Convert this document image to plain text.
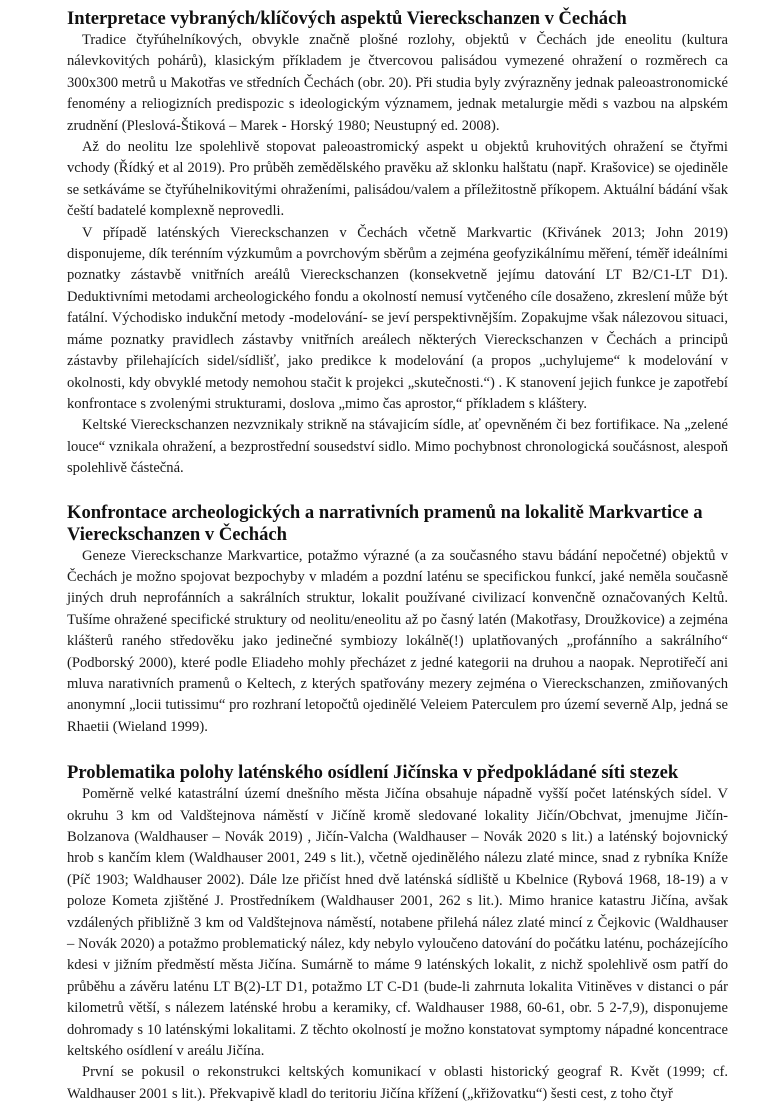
Interpretace vybraných/klíčových aspektů Viereckschanzen v Čechách

Tradice čtyřúhelníkových, obvykle značně plošné rozlohy, objektů v Čechách jde eneolitu (kultura nálevkovitých pohárů), klasickým příkladem je čtvercovou palisádou vymezené ohražení o rozměrech ca 300x300 metrů u Makotřas ve středních Čechách (obr. 20). Při studia byly zvýrazněny jednak paleoastronomické fenomény a reliogizních predispozic s ideologickým významem, jednak metalurgie mědi s vazbou na alpském zrudnění (Pleslová-Štiková – Marek - Horský 1980; Neustupný ed. 2008).

Až do neolitu lze spolehlivě stopovat paleoastromický aspekt u objektů kruhovitých ohražení se čtyřmi vchody (Řídký et al 2019). Pro průběh zemědělského pravěku až sklonku halštatu (např. Krašovice) se ojediněle se setkáváme se čtyřúhelnikovitými ohraženími, palisádou/valem a příležitostně příkopem. Aktuální bádání však čeští badatelé komplexně neprovedli.

V případě laténských Viereckschanzen v Čechách včetně Markvartic (Křivánek 2013; John 2019) disponujeme, dík terénním výzkumům a povrchovým sběrům a zejména geofyzikálnímu měření, téměř ideálními poznatky zástavbě vnitřních areálů Viereckschanzen (konsekvetně jejímu datování LT B2/C1-LT D1). Deduktivními metodami archeologického fondu a okolností nemusí vytčeného cíle dosaženo, zkreslení může být fatální. Východisko indukční metody -modelování- se jeví perspektivnějším. Zopakujme však nálezovou situaci, máme poznatky pravidlech zástavby vnitřních areálech některých Viereckschanzen v Čechách a principů zástavby přilehajících sidel/sídlišť, jako predikce k modelování (a propos „uchylujeme“ k modelování v okolnosti, kdy obvyklé metody nemohou stačit k projekci „skutečnosti.“) . K stanovení jejich funkce je zapotřebí konfrontace s zvolenými strukturami, doslova „mimo čas aprostor,“ příkladem s kláštery.

Keltské Viereckschanzen nezvznikaly strikně na stávajicím sídle, ať opevněném či bez fortifikace. Na „zelené louce“ vznikala ohražení, a bezprostřední sousedství sidlo. Mimo pochybnost chronologická součásnost, alespoň spolehlivě částečná.

Konfrontace archeologických a narrativních pramenů na lokalitě Markvartice a Viereckschanzen v Čechách

Geneze Viereckschanze Markvartice, potažmo výrazné (a za současného stavu bádání nepočetné) objektů v Čechách je možno spojovat bezpochyby v mladém a pozdní laténu se specifickou funkcí, jaké neměla současně jiných druh neprofánních a sakrálních struktur, lokalit používané civilizací konvenčně označovaných Keltů. Tušíme ohražené specifické struktury od neolitu/eneolitu až po časný latén (Makotřasy, Droužkovice) a zejména klášterů raného středověku jako jedinečné symbiozy lokálně(!) uplatňovaných „profánního a sakrálního“ (Podborský 2000), které podle Eliadeho mohly přecházet z jedné kategorii na druhou a naopak. Neprotiřečí ani mluva narativních pramenů o Keltech, z kterých spatřovány mezery zejména o Viereckschanzen, zmiňovaných anonymní „locii tutissimu“ pro rozhraní letopočtů ojedinělé Veleiem Paterculem pro území severně Alp, jedná se Rhaetii (Wieland 1999).

Problematika polohy laténského osídlení Jičínska v předpokládané síti stezek

Poměrně velké katastrální území dnešního města Jičína obsahuje nápadně vyšší počet laténských sídel. V okruhu 3 km od Valdštejnova náměstí v Jičíně kromě sledované lokality Jičín/Obchvat, jmenujme Jičín-Bolzanova (Waldhauser – Novák 2019) , Jičín-Valcha (Waldhauser – Novák 2020 s lit.) a laténský bojovnický hrob s kančím klem (Waldhauser 2001, 249 s lit.), včetně ojedinělého nálezu zlaté mince, snad z rybníka Kníže (Píč 1903; Waldhauser 2002). Dále lze přičíst hned dvě laténská sídliště u Kbelnice (Rybová 1968, 18-19) a v poloze Kometa zjištěné J. Prostředníkem (Waldhauser 2001, 262 s lit.). Mimo hranice katastru Jičína, avšak vzdálených přibližně 3 km od Valdštejnova náměstí, notabene přilehá nález zlaté mincí z Čejkovic (Waldhauser – Novák 2020) a potažmo problematický nález, kdy nebylo vyloučeno datování do počátku laténu, pocházejícího kdesi v jižním předměstí města Jičína. Sumárně to máme 9 laténských lokalit, z nichž spolehlivě osm patří do průběhu a závěru laténu LT B(2)-LT D1, potažmo LT C-D1 (bude-li zahrnuta lokalita Vitiněves v distanci o pár kilometrů větší, s nálezem laténské hrobu a keramiky, cf. Waldhauser 1988, 60-61, obr. 5 2-7,9), disponujeme dohromady s 10 laténskými lokalitami. Z těchto okolností je možno konstatovat symptomy nápadné koncentrace keltského osídlení v areálu Jičína.

První se pokusil o rekonstrukci keltských komunikací v oblasti historický geograf R. Květ (1999; cf. Waldhauser 2001 s lit.). Překvapivě kladl do teritoriu Jičína křížení („křižovatku“) šesti cest, z toho čtyř
